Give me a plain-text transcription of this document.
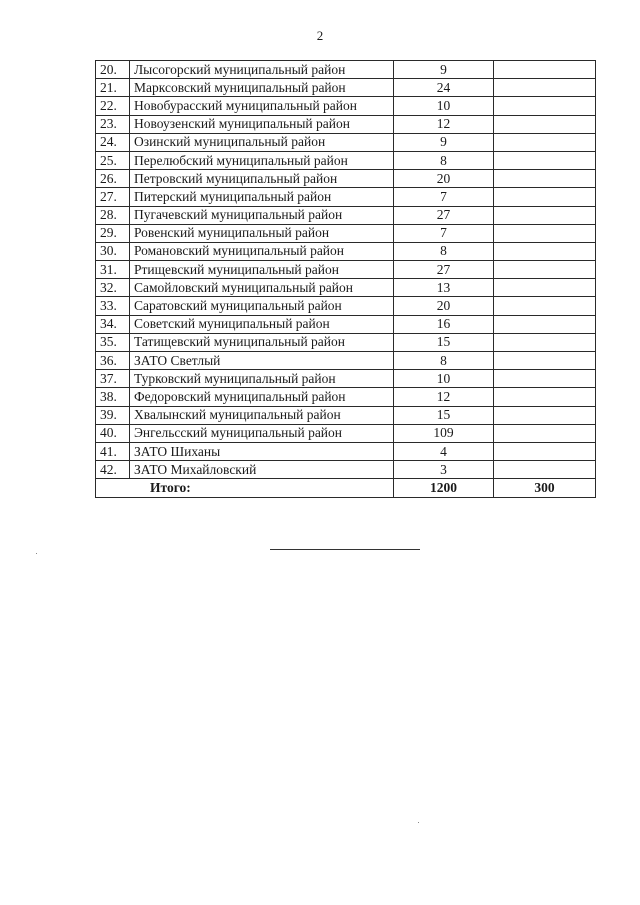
2
20.	Лысогорский муниципальный район	9	
21.	Марксовский муниципальный район	24	
22.	Новобурасский муниципальный район	10	
23.	Новоузенский муниципальный район	12	
24.	Озинский муниципальный район	9	
25.	Перелюбский муниципальный район	8	
26.	Петровский муниципальный район	20	
27.	Питерский муниципальный район	7	
28.	Пугачевский муниципальный район	27	
29.	Ровенский муниципальный район	7	
30.	Романовский муниципальный район	8	
31.	Ртищевский муниципальный район	27	
32.	Самойловский муниципальный район	13	
33.	Саратовский муниципальный район	20	
34.	Советский муниципальный район	16	
35.	Татищевский муниципальный район	15	
36.	ЗАТО Светлый	8	
37.	Турковский муниципальный район	10	
38.	Федоровский муниципальный район	12	
39.	Хвалынский муниципальный район	15	
40.	Энгельсский муниципальный район	109	
41.	ЗАТО Шиханы	4	
42.	ЗАТО Михайловский	3	
Итого:		1200	300
